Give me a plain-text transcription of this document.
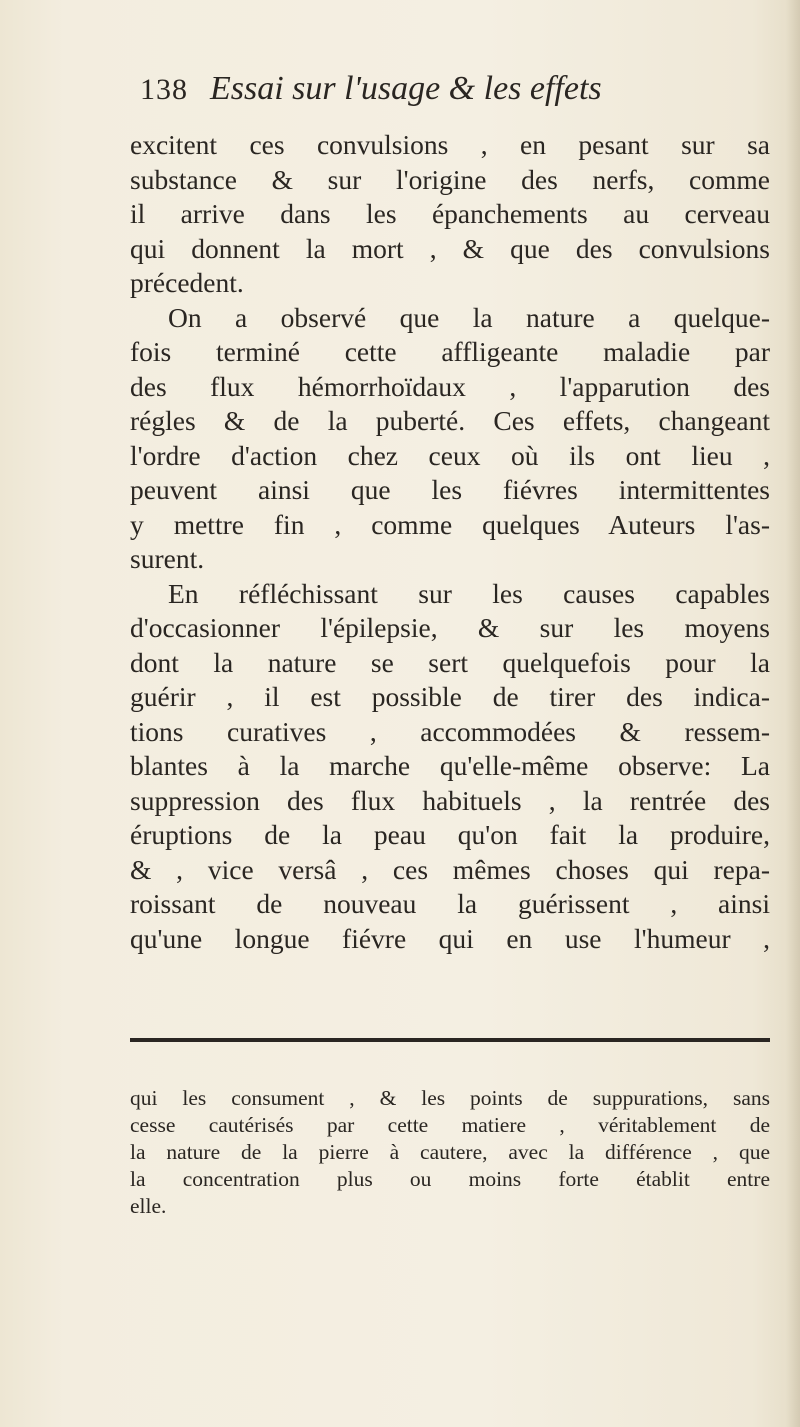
138 Essai sur l'usage & les effets
excitent ces convulsions , en pesant sur sa
substance & sur l'origine des nerfs, comme
il arrive dans les épanchements au cerveau
qui donnent la mort , & que des convulsions
précedent.
On a observé que la nature a quelque-
fois terminé cette affligeante maladie par
des flux hémorrhoïdaux , l'apparution des
régles & de la puberté. Ces effets, changeant
l'ordre d'action chez ceux où ils ont lieu ,
peuvent ainsi que les fiévres intermittentes
y mettre fin , comme quelques Auteurs l'as-
surent.
En réfléchissant sur les causes capables
d'occasionner l'épilepsie, & sur les moyens
dont la nature se sert quelquefois pour la
guérir , il est possible de tirer des indica-
tions curatives , accommodées & ressem-
blantes à la marche qu'elle-même observe: La
suppression des flux habituels , la rentrée des
éruptions de la peau qu'on fait la produire,
& , vice versâ , ces mêmes choses qui repa-
roissant de nouveau la guérissent , ainsi
qu'une longue fiévre qui en use l'humeur ,
qui les consument , & les points de suppurations, sans
cesse cautérisés par cette matiere , véritablement de
la nature de la pierre à cautere, avec la différence , que
la concentration plus ou moins forte établit entre
elle.
